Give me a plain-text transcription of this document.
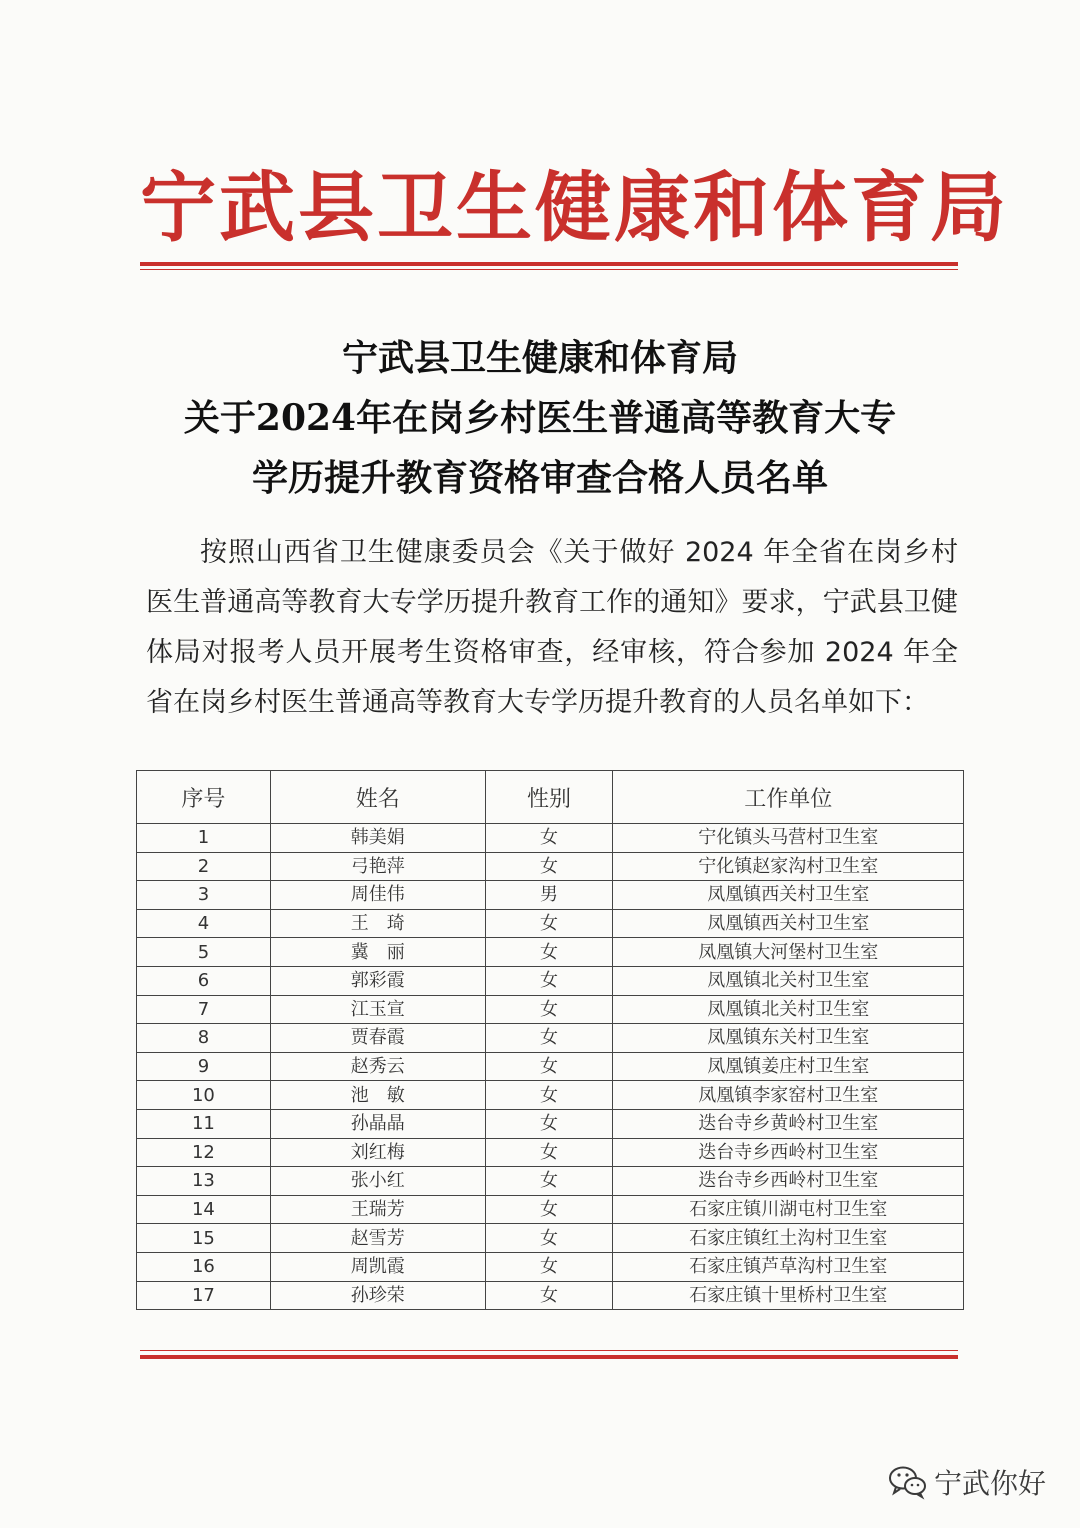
宁武县卫生健康和体育局
宁武县卫生健康和体育局
关于2024年在岗乡村医生普通高等教育大专
学历提升教育资格审查合格人员名单

按照山西省卫生健康委员会《关于做好 2024 年全省在岗乡村医生普通高等教育大专学历提升教育工作的通知》要求，宁武县卫健体局对报考人员开展考生资格审查，经审核，符合参加 2024 年全省在岗乡村医生普通高等教育大专学历提升教育的人员名单如下：

序号	姓名	性别	工作单位
1	韩美娟	女	宁化镇头马营村卫生室
2	弓艳萍	女	宁化镇赵家沟村卫生室
3	周佳伟	男	凤凰镇西关村卫生室
4	王　琦	女	凤凰镇西关村卫生室
5	冀　丽	女	凤凰镇大河堡村卫生室
6	郭彩霞	女	凤凰镇北关村卫生室
7	江玉宣	女	凤凰镇北关村卫生室
8	贾春霞	女	凤凰镇东关村卫生室
9	赵秀云	女	凤凰镇姜庄村卫生室
10	池　敏	女	凤凰镇李家窑村卫生室
11	孙晶晶	女	迭台寺乡黄岭村卫生室
12	刘红梅	女	迭台寺乡西岭村卫生室
13	张小红	女	迭台寺乡西岭村卫生室
14	王瑞芳	女	石家庄镇川湖屯村卫生室
15	赵雪芳	女	石家庄镇红土沟村卫生室
16	周凯霞	女	石家庄镇芦草沟村卫生室
17	孙珍荣	女	石家庄镇十里桥村卫生室
宁武你好
